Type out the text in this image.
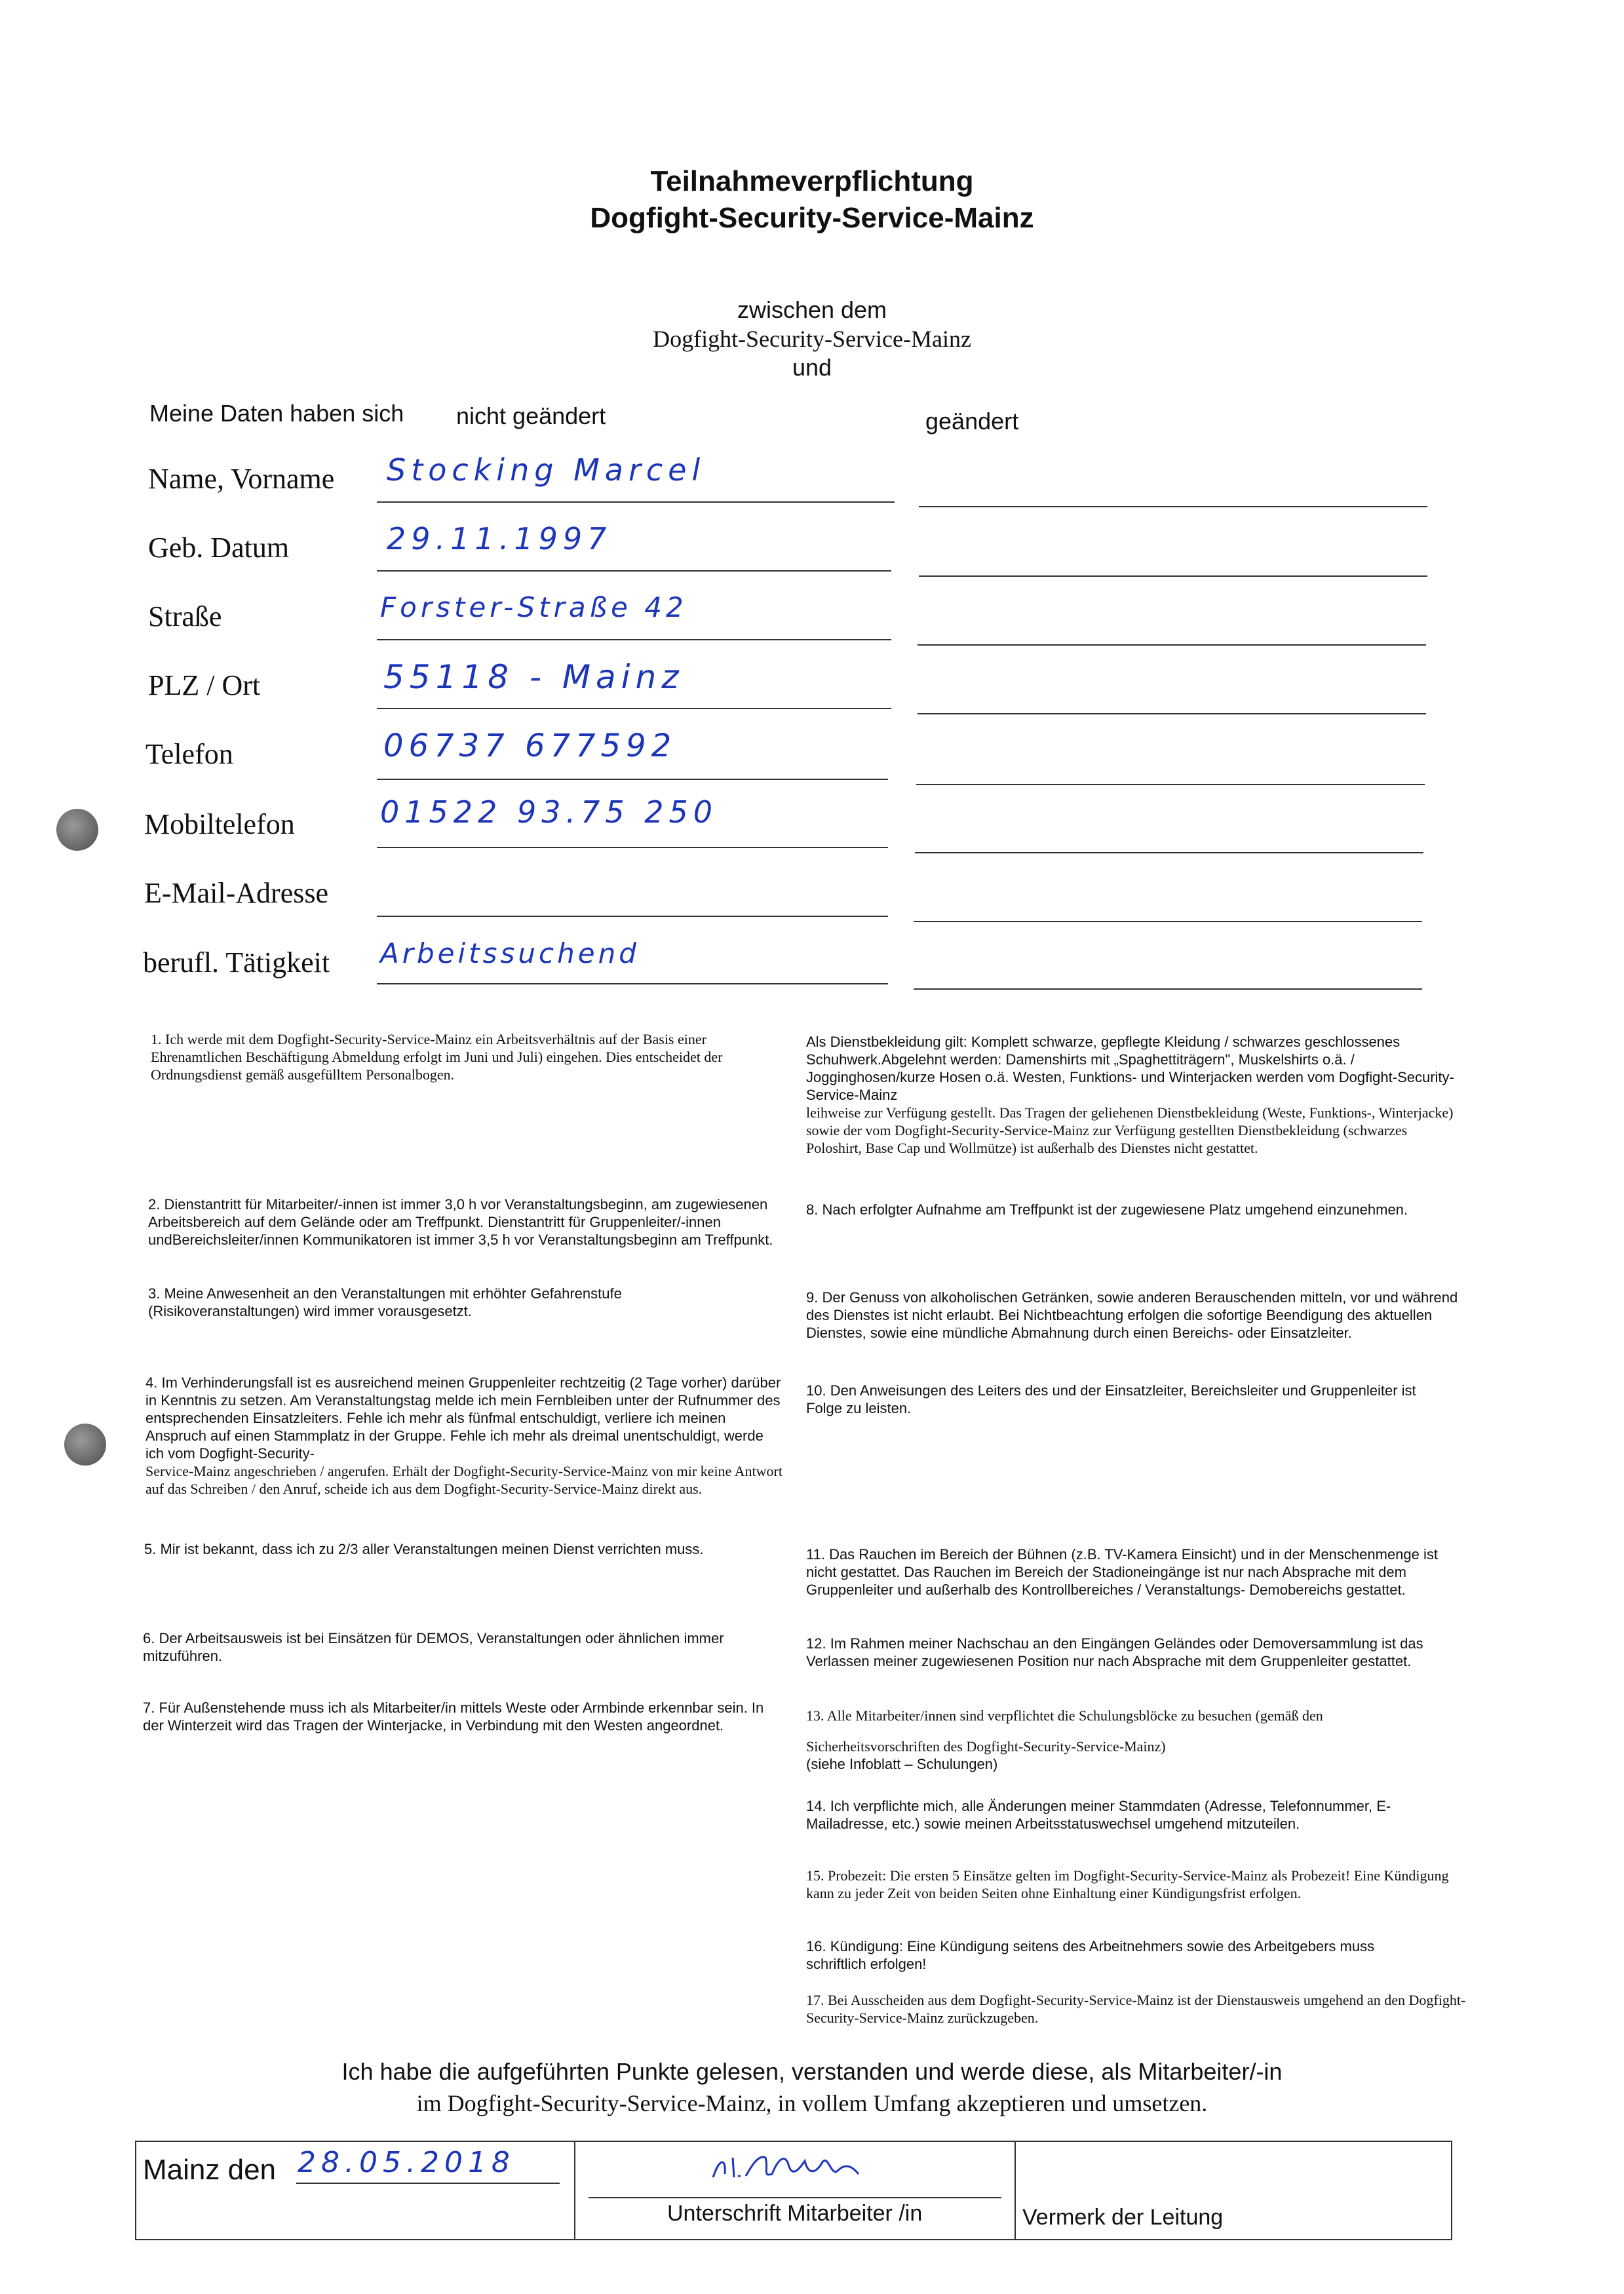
Teilnahmeverpflichtung
Dogfight-Security-Service-Mainz
zwischen dem
Dogfight-Security-Service-Mainz
und
Meine Daten haben sich nicht geändert	geändert
Name, Vorname Stocking Marcel
Geb. Datum	29.11.1997
Straße	Forster-Straße 42
PLZ / Ort	55118 - Mainz
Telefon	06737 677592
Mobiltelefon	01522 93.75 250
E-Mail-Adresse
berufl. Tätigkeit Arbeitssuchend
1. Ich werde mit dem Dogfight-Security-Service-Mainz ein Arbeitsverhältnis auf der Basis einer Ehrenamtlichen Beschäftigung Abmeldung erfolgt im Juni und Juli) eingehen. Dies entscheidet der Ordnungsdienst gemäß ausgefülltem Personalbogen.
2. Dienstantritt für Mitarbeiter/-innen ist immer 3,0 h vor Veranstaltungsbeginn, am zugewiesenen Arbeitsbereich auf dem Gelände oder am Treffpunkt. Dienstantritt für Gruppenleiter/-innen undBereichsleiter/innen Kommunikatoren ist immer 3,5 h vor Veranstaltungsbeginn am Treffpunkt.
3. Meine Anwesenheit an den Veranstaltungen mit erhöhter Gefahrenstufe (Risikoveranstaltungen) wird immer vorausgesetzt.
4. Im Verhinderungsfall ist es ausreichend meinen Gruppenleiter rechtzeitig (2 Tage vorher) darüber in Kenntnis zu setzen. Am Veranstaltungstag melde ich mein Fernbleiben unter der Rufnummer des entsprechenden Einsatzleiters. Fehle ich mehr als fünfmal entschuldigt, verliere ich meinen Anspruch auf einen Stammplatz in der Gruppe. Fehle ich mehr als dreimal unentschuldigt, werde ich vom Dogfight-Security-
Service-Mainz angeschrieben / angerufen. Erhält der Dogfight-Security-Service-Mainz von mir keine Antwort auf das Schreiben / den Anruf, scheide ich aus dem Dogfight-Security-Service-Mainz direkt aus.
5. Mir ist bekannt, dass ich zu 2/3 aller Veranstaltungen meinen Dienst verrichten muss.
6. Der Arbeitsausweis ist bei Einsätzen für DEMOS, Veranstaltungen oder ähnlichen immer mitzuführen.
7. Für Außenstehende muss ich als Mitarbeiter/in mittels Weste oder Armbinde erkennbar sein. In der Winterzeit wird das Tragen der Winterjacke, in Verbindung mit den Westen angeordnet.
Als Dienstbekleidung gilt: Komplett schwarze, gepflegte Kleidung / schwarzes geschlossenes Schuhwerk.Abgelehnt werden: Damenshirts mit „Spaghettiträgern", Muskelshirts o.ä. / Jogginghosen/kurze Hosen o.ä. Westen, Funktions- und Winterjacken werden vom Dogfight-Security-Service-Mainz
leihweise zur Verfügung gestellt. Das Tragen der geliehenen Dienstbekleidung (Weste, Funktions-, Winterjacke) sowie der vom Dogfight-Security-Service-Mainz zur Verfügung gestellten Dienstbekleidung (schwarzes Poloshirt, Base Cap und Wollmütze) ist außerhalb des Dienstes nicht gestattet.
8. Nach erfolgter Aufnahme am Treffpunkt ist der zugewiesene Platz umgehend einzunehmen.
9. Der Genuss von alkoholischen Getränken, sowie anderen Berauschenden mitteln, vor und während des Dienstes ist nicht erlaubt. Bei Nichtbeachtung erfolgen die sofortige Beendigung des aktuellen Dienstes, sowie eine mündliche Abmahnung durch einen Bereichs- oder Einsatzleiter.
10. Den Anweisungen des Leiters des und der Einsatzleiter, Bereichsleiter und Gruppenleiter ist Folge zu leisten.
11. Das Rauchen im Bereich der Bühnen (z.B. TV-Kamera Einsicht) und in der Menschenmenge ist nicht gestattet. Das Rauchen im Bereich der Stadioneingänge ist nur nach Absprache mit dem Gruppenleiter und außerhalb des Kontrollbereiches / Veranstaltungs- Demobereichs gestattet.
12. Im Rahmen meiner Nachschau an den Eingängen Geländes oder Demoversammlung ist das Verlassen meiner zugewiesenen Position nur nach Absprache mit dem Gruppenleiter gestattet.
13. Alle Mitarbeiter/innen sind verpflichtet die Schulungsblöcke zu besuchen (gemäß den
Sicherheitsvorschriften des Dogfight-Security-Service-Mainz)
(siehe Infoblatt – Schulungen)
14. Ich verpflichte mich, alle Änderungen meiner Stammdaten (Adresse, Telefonnummer, E-Mailadresse, etc.) sowie meinen Arbeitsstatuswechsel umgehend mitzuteilen.
15. Probezeit: Die ersten 5 Einsätze gelten im Dogfight-Security-Service-Mainz als Probezeit! Eine Kündigung kann zu jeder Zeit von beiden Seiten ohne Einhaltung einer Kündigungsfrist erfolgen.
16. Kündigung: Eine Kündigung seitens des Arbeitnehmers sowie des Arbeitgebers muss schriftlich erfolgen!
17. Bei Ausscheiden aus dem Dogfight-Security-Service-Mainz ist der Dienstausweis umgehend an den Dogfight-Security-Service-Mainz zurückzugeben.
Ich habe die aufgeführten Punkte gelesen, verstanden und werde diese, als Mitarbeiter/-in
im Dogfight-Security-Service-Mainz, in vollem Umfang akzeptieren und umsetzen.
Mainz den 28.05.2018
Unterschrift Mitarbeiter /in	Vermerk der Leitung
